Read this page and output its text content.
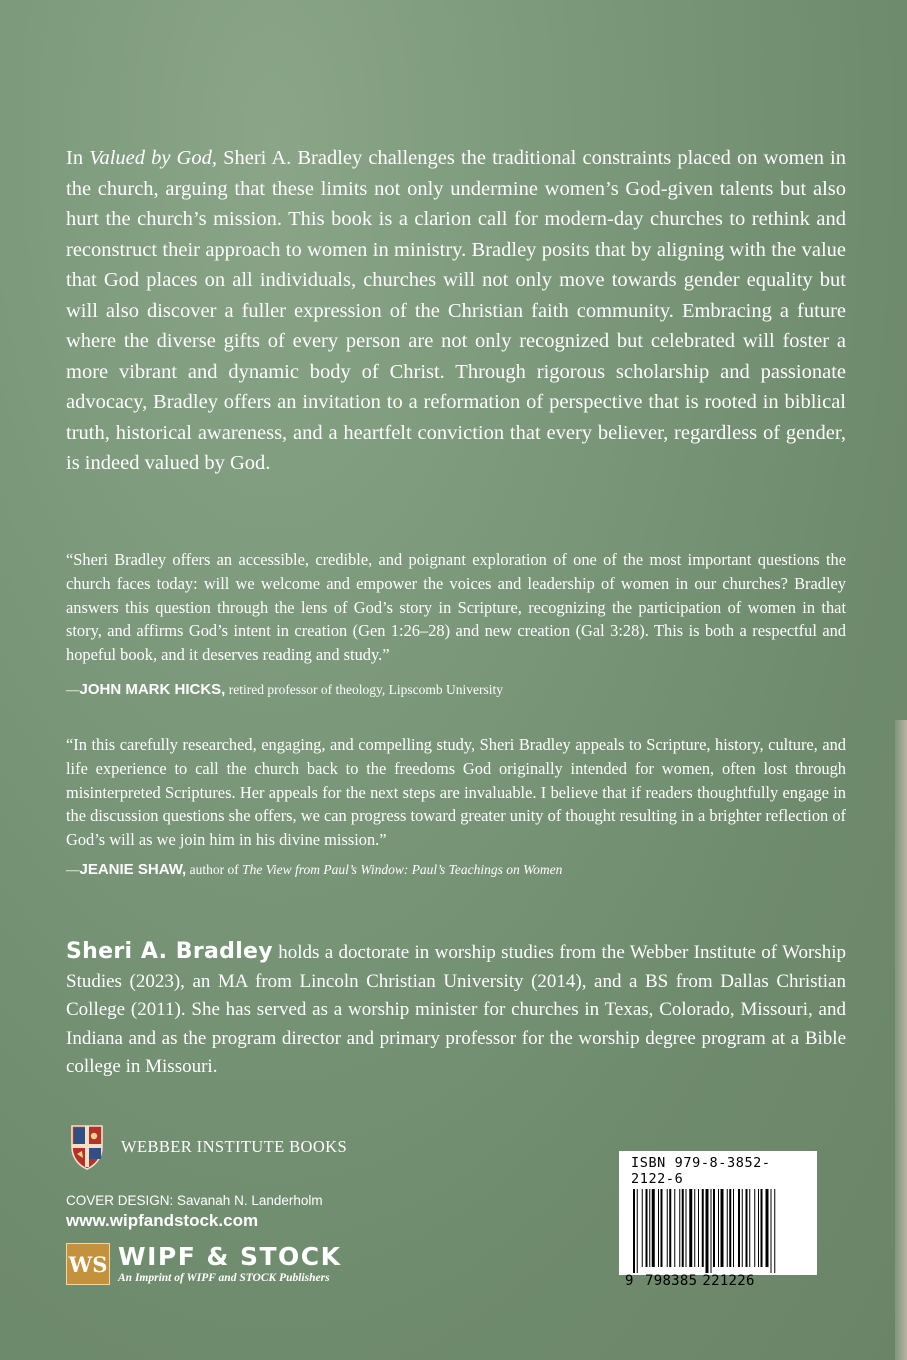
In Valued by God, Sheri A. Bradley challenges the traditional constraints placed on women in the church, arguing that these limits not only undermine women’s God-given talents but also hurt the church’s mission. This book is a clarion call for modern-day churches to rethink and reconstruct their approach to women in ministry. Bradley posits that by aligning with the value that God places on all individuals, churches will not only move towards gender equality but will also discover a fuller expression of the Christian faith community. Embracing a future where the diverse gifts of every person are not only recognized but celebrated will foster a more vibrant and dynamic body of Christ. Through rigorous scholarship and passionate advocacy, Bradley offers an invitation to a reformation of perspective that is rooted in biblical truth, historical awareness, and a heartfelt conviction that every believer, regardless of gender, is indeed valued by God.

“Sheri Bradley offers an accessible, credible, and poignant exploration of one of the most important questions the church faces today: will we welcome and empower the voices and leadership of women in our churches? Bradley answers this question through the lens of God’s story in Scripture, recognizing the participation of women in that story, and affirms God’s intent in creation (Gen 1:26–28) and new creation (Gal 3:28). This is both a respectful and hopeful book, and it deserves reading and study.”

—JOHN MARK HICKS, retired professor of theology, Lipscomb University

“In this carefully researched, engaging, and compelling study, Sheri Bradley appeals to Scripture, history, culture, and life experience to call the church back to the freedoms God originally intended for women, often lost through misinterpreted Scriptures. Her appeals for the next steps are invaluable. I believe that if readers thoughtfully engage in the discussion questions she offers, we can progress toward greater unity of thought resulting in a brighter reflection of God’s will as we join him in his divine mission.”

—JEANIE SHAW, author of The View from Paul’s Window: Paul’s Teachings on Women

Sheri A. Bradley holds a doctorate in worship studies from the Webber Institute of Worship Studies (2023), an MA from Lincoln Christian University (2014), and a BS from Dallas Christian College (2011). She has served as a worship minister for churches in Texas, Colorado, Missouri, and Indiana and as the program director and primary professor for the worship degree program at a Bible college in Missouri.

WEBBER INSTITUTE BOOKS
COVER DESIGN: Savanah N. Landerholm
www.wipfandstock.com
WS WIPF & STOCK
An Imprint of WIPF and STOCK Publishers
ISBN 979-8-3852-2122-6
9 798385 221226
